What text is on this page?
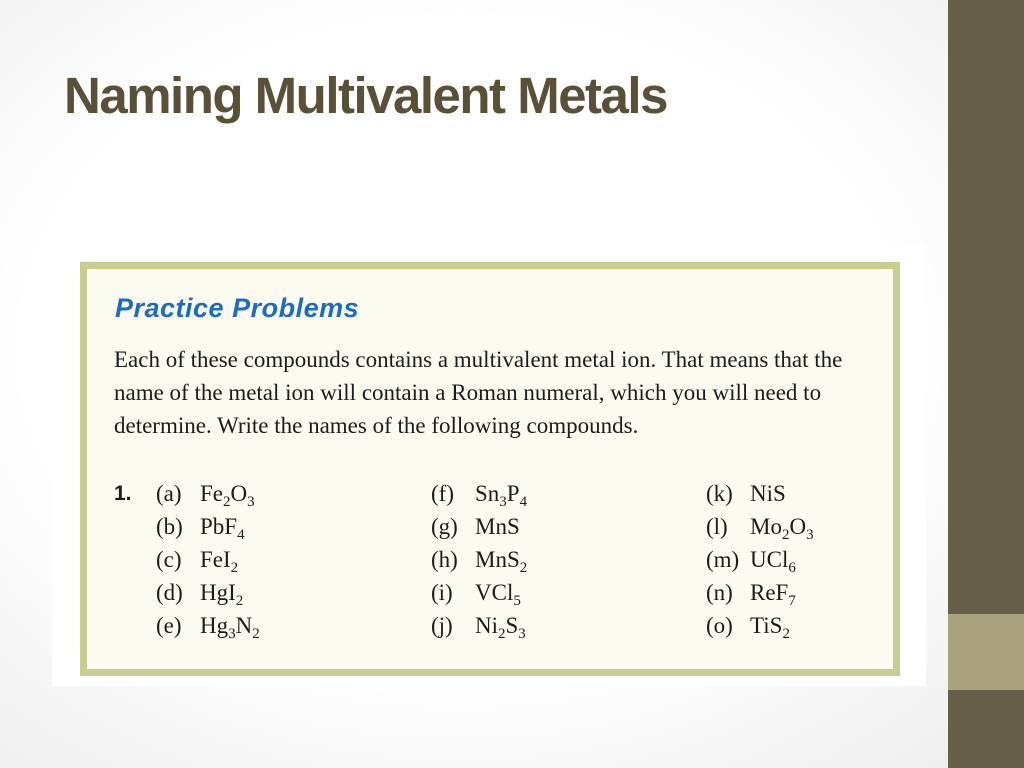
Naming Multivalent Metals
Practice Problems

Each of these compounds contains a multivalent metal ion. That means that the name of the metal ion will contain a Roman numeral, which you will need to determine. Write the names of the following compounds.

1. (a) $Fe_2O_3$
(b) PbF$_4$
(c) FeI$_2$
(d) HgI$_2$
(e) $Hg_3N_2$
(f) $Sn_3P_4$
(g) MnS
(h) MnS$_2$
(i) VCl$_5$
(j) $Ni_2S_3$
(k) NiS
(l) $Mo_2O_3$
(m) UCl$_6$
(n) ReF$_7$
(o) TiS$_2$
